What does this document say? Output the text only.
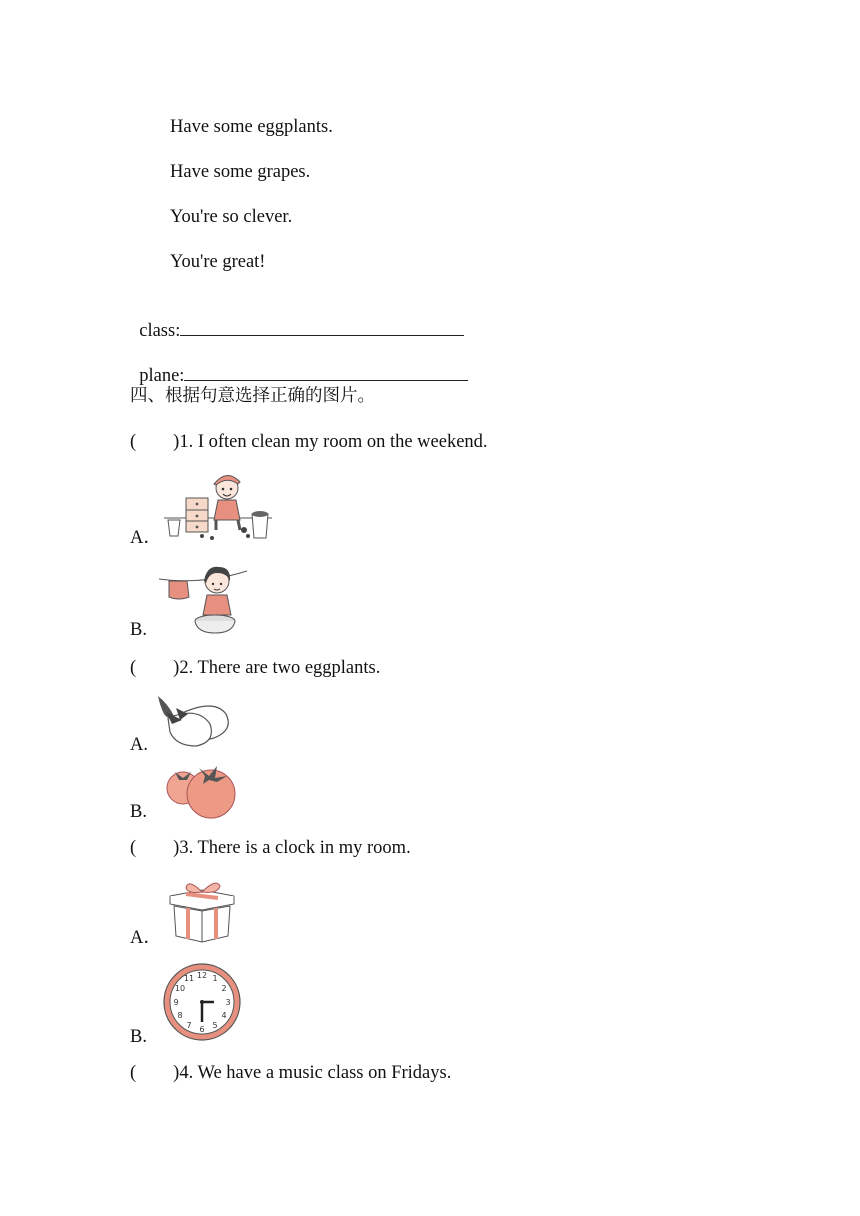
Have some eggplants.
Have some grapes.
You're so clever.
You're great!

class:

plane:

四、根据句意选择正确的图片。
(        )1. I often clean my room on the weekend.
A．
B.
(        )2. There are two eggplants.
A.
B.
(        )3. There is a clock in my room.
A．
B.
12 1
2
3
4
5
6
7
8
9
10
11
(        )4. We have a music class on Fridays.
